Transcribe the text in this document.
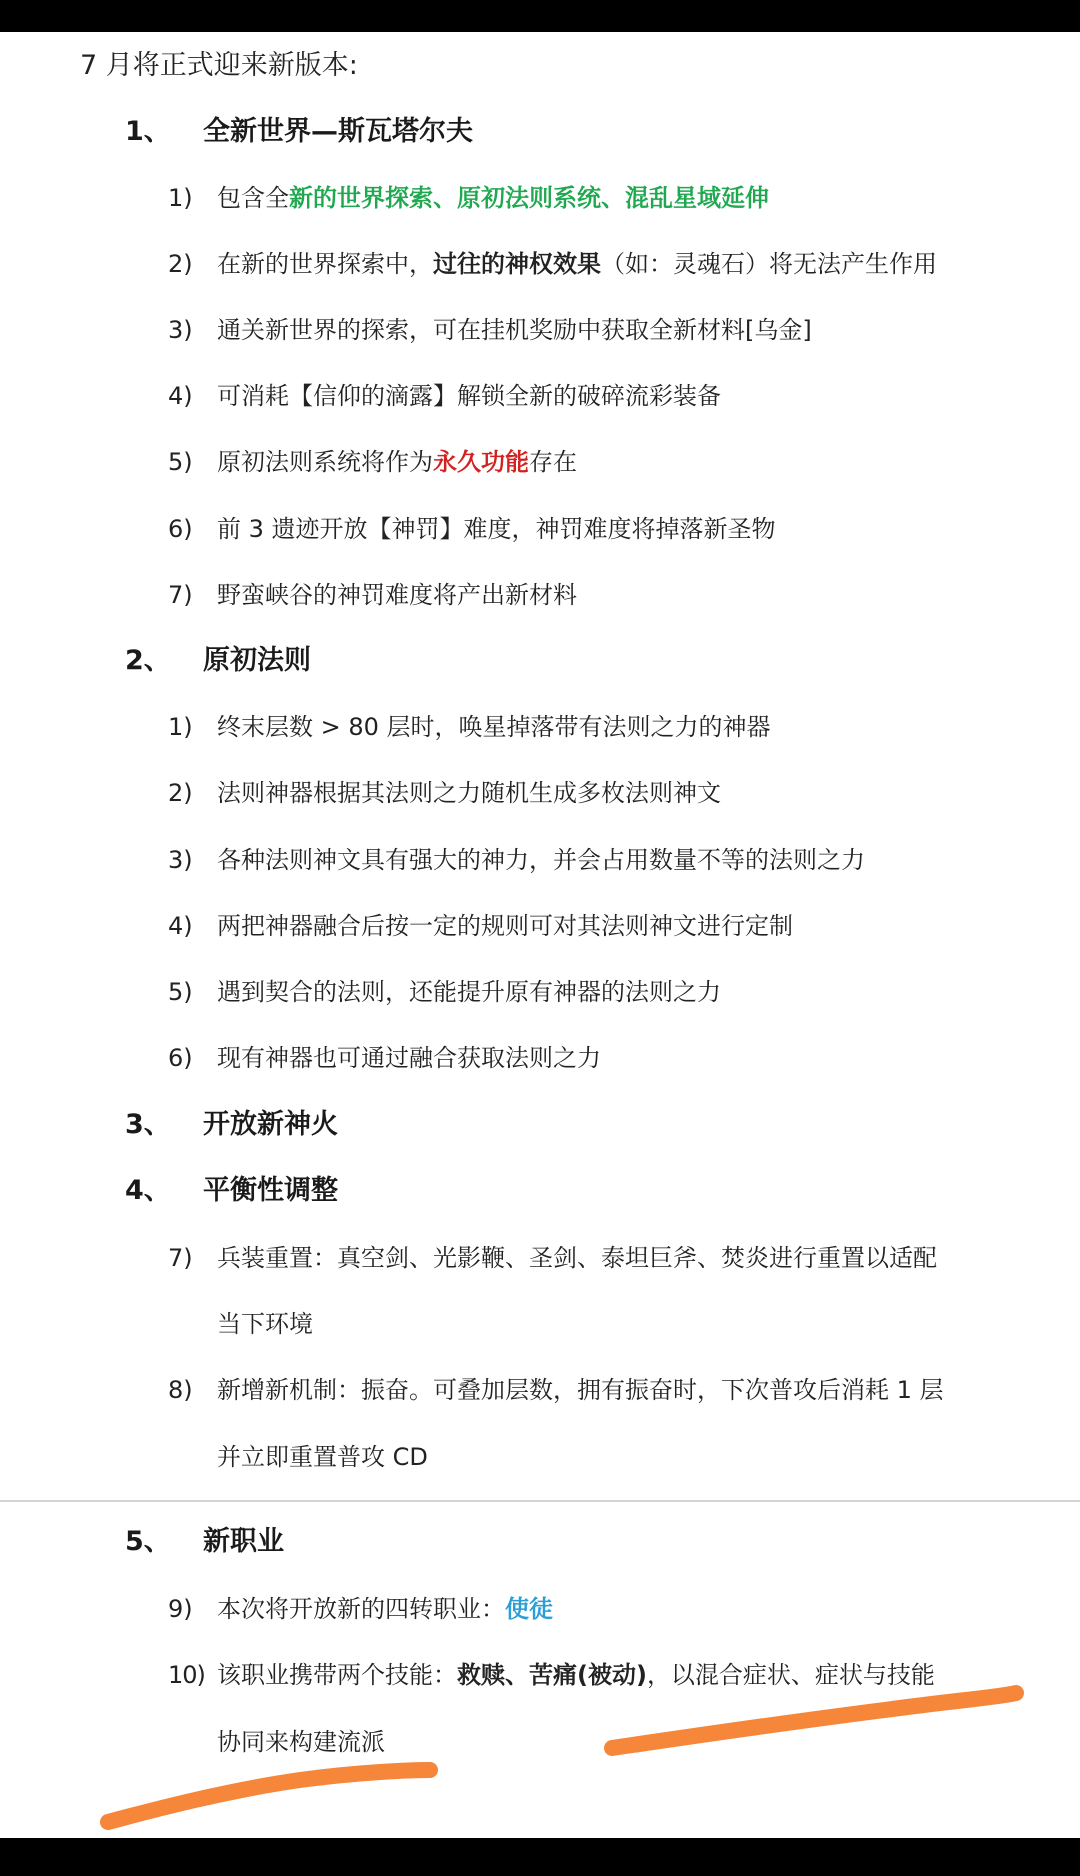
7 月将正式迎来新版本:
1、 全新世界—斯瓦塔尔夫
1) 包含全新的世界探索、原初法则系统、混乱星域延伸
2) 在新的世界探索中，过往的神权效果（如：灵魂石）将无法产生作用
3) 通关新世界的探索，可在挂机奖励中获取全新材料[乌金]
4) 可消耗【信仰的滴露】解锁全新的破碎流彩装备
5) 原初法则系统将作为永久功能存在
6) 前 3 遗迹开放【神罚】难度，神罚难度将掉落新圣物
7) 野蛮峡谷的神罚难度将产出新材料
2、 原初法则
1) 终末层数 > 80 层时，唤星掉落带有法则之力的神器
2) 法则神器根据其法则之力随机生成多枚法则神文
3) 各种法则神文具有强大的神力，并会占用数量不等的法则之力
4) 两把神器融合后按一定的规则可对其法则神文进行定制
5) 遇到契合的法则，还能提升原有神器的法则之力
6) 现有神器也可通过融合获取法则之力
3、 开放新神火
4、 平衡性调整
7) 兵装重置：真空剑、光影鞭、圣剑、泰坦巨斧、焚炎进行重置以适配
当下环境
8) 新增新机制：振奋。可叠加层数，拥有振奋时，下次普攻后消耗 1 层
并立即重置普攻 CD
5、 新职业
9) 本次将开放新的四转职业：使徒
10) 该职业携带两个技能：救赎、苦痛(被动)，以混合症状、症状与技能
协同来构建流派
